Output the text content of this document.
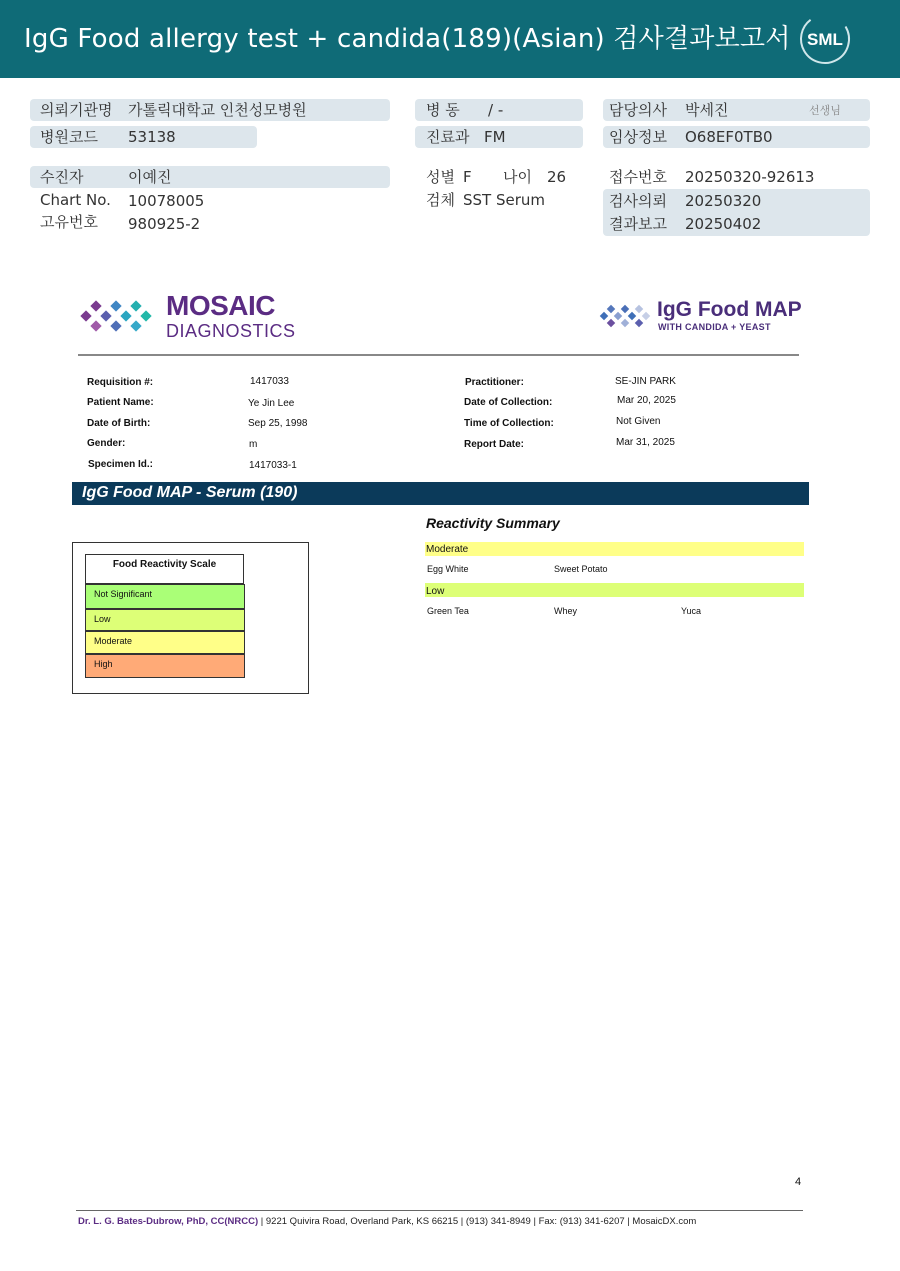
IgG Food allergy test + candida(189)(Asian) 검사결과보고서 SML
의뢰기관명 가톨릭대학교 인천성모병원	병 동 / -	담당의사 박세진	선생님
병원코드 53138	진료과 FM	임상정보 O68EF0TB0
수진자	이예진	성별 F 나이 26	접수번호 20250320-92613
Chart No. 10078005	검체 SST Serum	검사의뢰 20250320
고유번호 980925-2	결과보고 20250402
MOSAIC
DIAGNOSTICS
IgG Food MAP
WITH CANDIDA + YEAST
Requisition #:	1417033
Patient Name:	Ye Jin Lee
Date of Birth:	Sep 25, 1998
Gender:	m
Specimen Id.:	1417033-1
Practitioner:	SE-JIN PARK
Date of Collection:	Mar 20, 2025
Time of Collection:	Not Given
Report Date:	Mar 31, 2025
IgG Food MAP - Serum (190)
Reactivity Summary
Moderate
Egg White	Sweet Potato
Low
Green Tea	Whey	Yuca
Food Reactivity Scale
Not Significant
Low
Moderate
High
4
Dr. L. G. Bates-Dubrow, PhD, CC(NRCC) | 9221 Quivira Road, Overland Park, KS 66215 | (913) 341-8949 | Fax: (913) 341-6207 | MosaicDX.com
